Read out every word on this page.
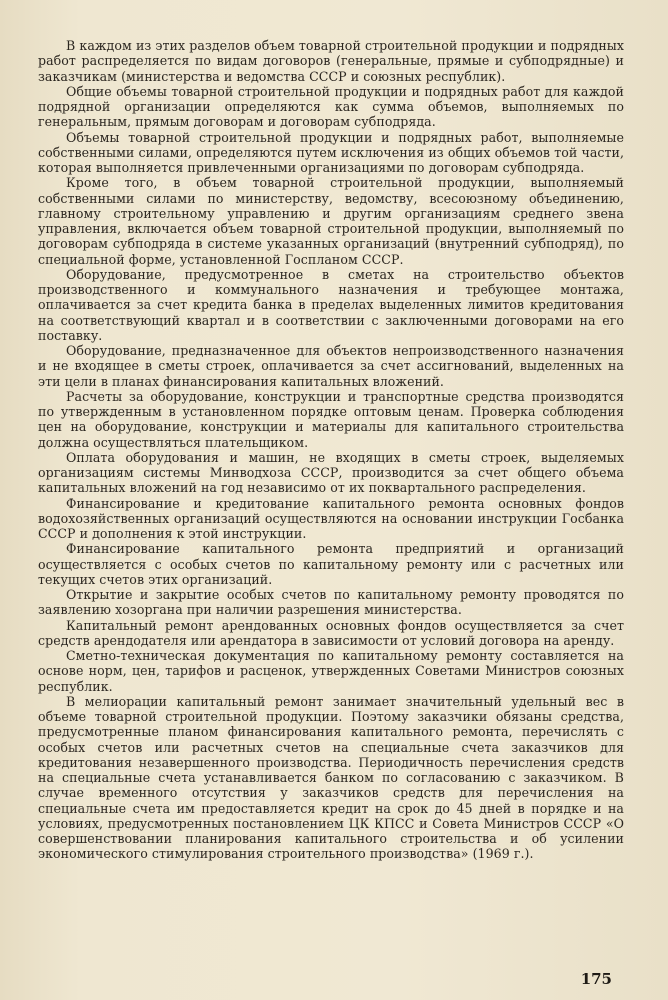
В каждом из этих разделов объем товарной строительной продукции и подрядных работ распределяется по видам договоров (генеральные, прямые и субподрядные) и заказчикам (министерства и ведомства СССР и союзных республик).

Общие объемы товарной строительной продукции и подрядных работ для каждой подрядной организации определяются как сумма объемов, выполняемых по генеральным, прямым договорам и договорам субподряда.

Объемы товарной строительной продукции и подрядных работ, выполняемые собственными силами, определяются путем исключения из общих объемов той части, которая выполняется привлеченными организациями по договорам субподряда.

Кроме того, в объем товарной строительной продукции, выполняемый собственными силами по министерству, ведомству, всесоюзному объединению, главному строительному управлению и другим организациям среднего звена управления, включается объем товарной строительной продукции, выполняемый по договорам субподряда в системе указанных организаций (внутренний субподряд), по специальной форме, установленной Госпланом СССР.

Оборудование, предусмотренное в сметах на строительство объектов производственного и коммунального назначения и требующее монтажа, оплачивается за счет кредита банка в пределах выделенных лимитов кредитования на соответствующий квартал и в соответствии с заключенными договорами на его поставку.

Оборудование, предназначенное для объектов непроизводственного назначения и не входящее в сметы строек, оплачивается за счет ассигнований, выделенных на эти цели в планах финансирования капитальных вложений.

Расчеты за оборудование, конструкции и транспортные средства производятся по утвержденным в установленном порядке оптовым ценам. Проверка соблюдения цен на оборудование, конструкции и материалы для капитального строительства должна осуществляться плательщиком.

Оплата оборудования и машин, не входящих в сметы строек, выделяемых организациям системы Минводхоза СССР, производится за счет общего объема капитальных вложений на год независимо от их поквартального распределения.

Финансирование и кредитование капитального ремонта основных фондов водохозяйственных организаций осуществляются на основании инструкции Госбанка СССР и дополнения к этой инструкции.

Финансирование капитального ремонта предприятий и организаций осуществляется с особых счетов по капитальному ремонту или с расчетных или текущих счетов этих организаций.

Открытие и закрытие особых счетов по капитальному ремонту проводятся по заявлению хозоргана при наличии разрешения министерства.

Капитальный ремонт арендованных основных фондов осуществляется за счет средств арендодателя или арендатора в зависимости от условий договора на аренду.

Сметно-техническая документация по капитальному ремонту составляется на основе норм, цен, тарифов и расценок, утвержденных Советами Министров союзных республик.

В мелиорации капитальный ремонт занимает значительный удельный вес в объеме товарной строительной продукции. Поэтому заказчики обязаны средства, предусмотренные планом финансирования капитального ремонта, перечислять с особых счетов или расчетных счетов на специальные счета заказчиков для кредитования незавершенного производства. Периодичность перечисления средств на специальные счета устанавливается банком по согласованию с заказчиком. В случае временного отсутствия у заказчиков средств для перечисления на специальные счета им предоставляется кредит на срок до 45 дней в порядке и на условиях, предусмотренных постановлением ЦК КПСС и Совета Министров СССР «О совершенствовании планирования капитального строительства и об усилении экономического стимулирования строительного производства» (1969 г.).

175
